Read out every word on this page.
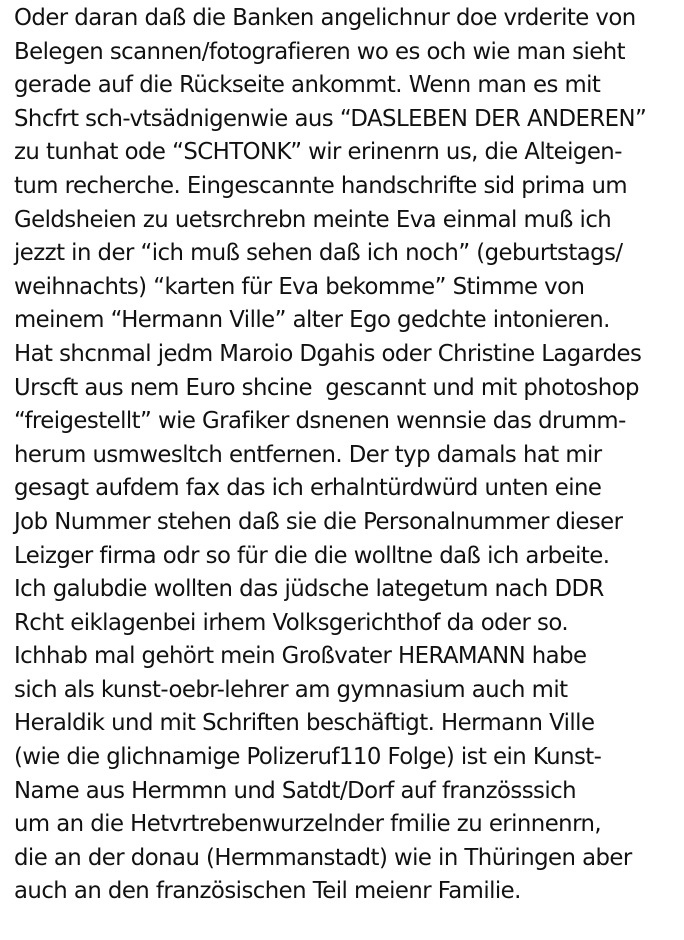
Oder daran daß die Banken angelichnur doe vrderite von
Belegen scannen/fotografieren wo es och wie man sieht
gerade auf die Rückseite ankommt. Wenn man es mit
Shcfrt sch-vtsädnigenwie aus “DASLEBEN DER ANDEREN”
zu tunhat ode “SCHTONK” wir erinenrn us, die Alteigen-
tum recherche. Eingescannte handschrifte sid prima um
Geldsheien zu uetsrchrebn meinte Eva einmal muß ich
jezzt in der “ich muß sehen daß ich noch” (geburtstags/
weihnachts) “karten für Eva bekomme” Stimme von
meinem “Hermann Ville” alter Ego gedchte intonieren.
Hat shcnmal jedm Maroio Dgahis oder Christine Lagardes
Urscft aus nem Euro shcine  gescannt und mit photoshop
“freigestellt” wie Grafiker dsnenen wennsie das drumm-
herum usmwesltch entfernen. Der typ damals hat mir
gesagt aufdem fax das ich erhalntürdwürd unten eine
Job Nummer stehen daß sie die Personalnummer dieser
Leizger firma odr so für die die wolltne daß ich arbeite.
Ich galubdie wollten das jüdsche lategetum nach DDR
Rcht eiklagenbei irhem Volksgerichthof da oder so.
Ichhab mal gehört mein Großvater HERAMANN habe
sich als kunst-oebr-lehrer am gymnasium auch mit
Heraldik und mit Schriften beschäftigt. Hermann Ville
(wie die glichnamige Polizeruf110 Folge) ist ein Kunst-
Name aus Hermmn und Satdt/Dorf auf französssich
um an die Hetvrtrebenwurzelnder fmilie zu erinnenrn,
die an der donau (Hermmanstadt) wie in Thüringen aber
auch an den französischen Teil meienr Familie.
